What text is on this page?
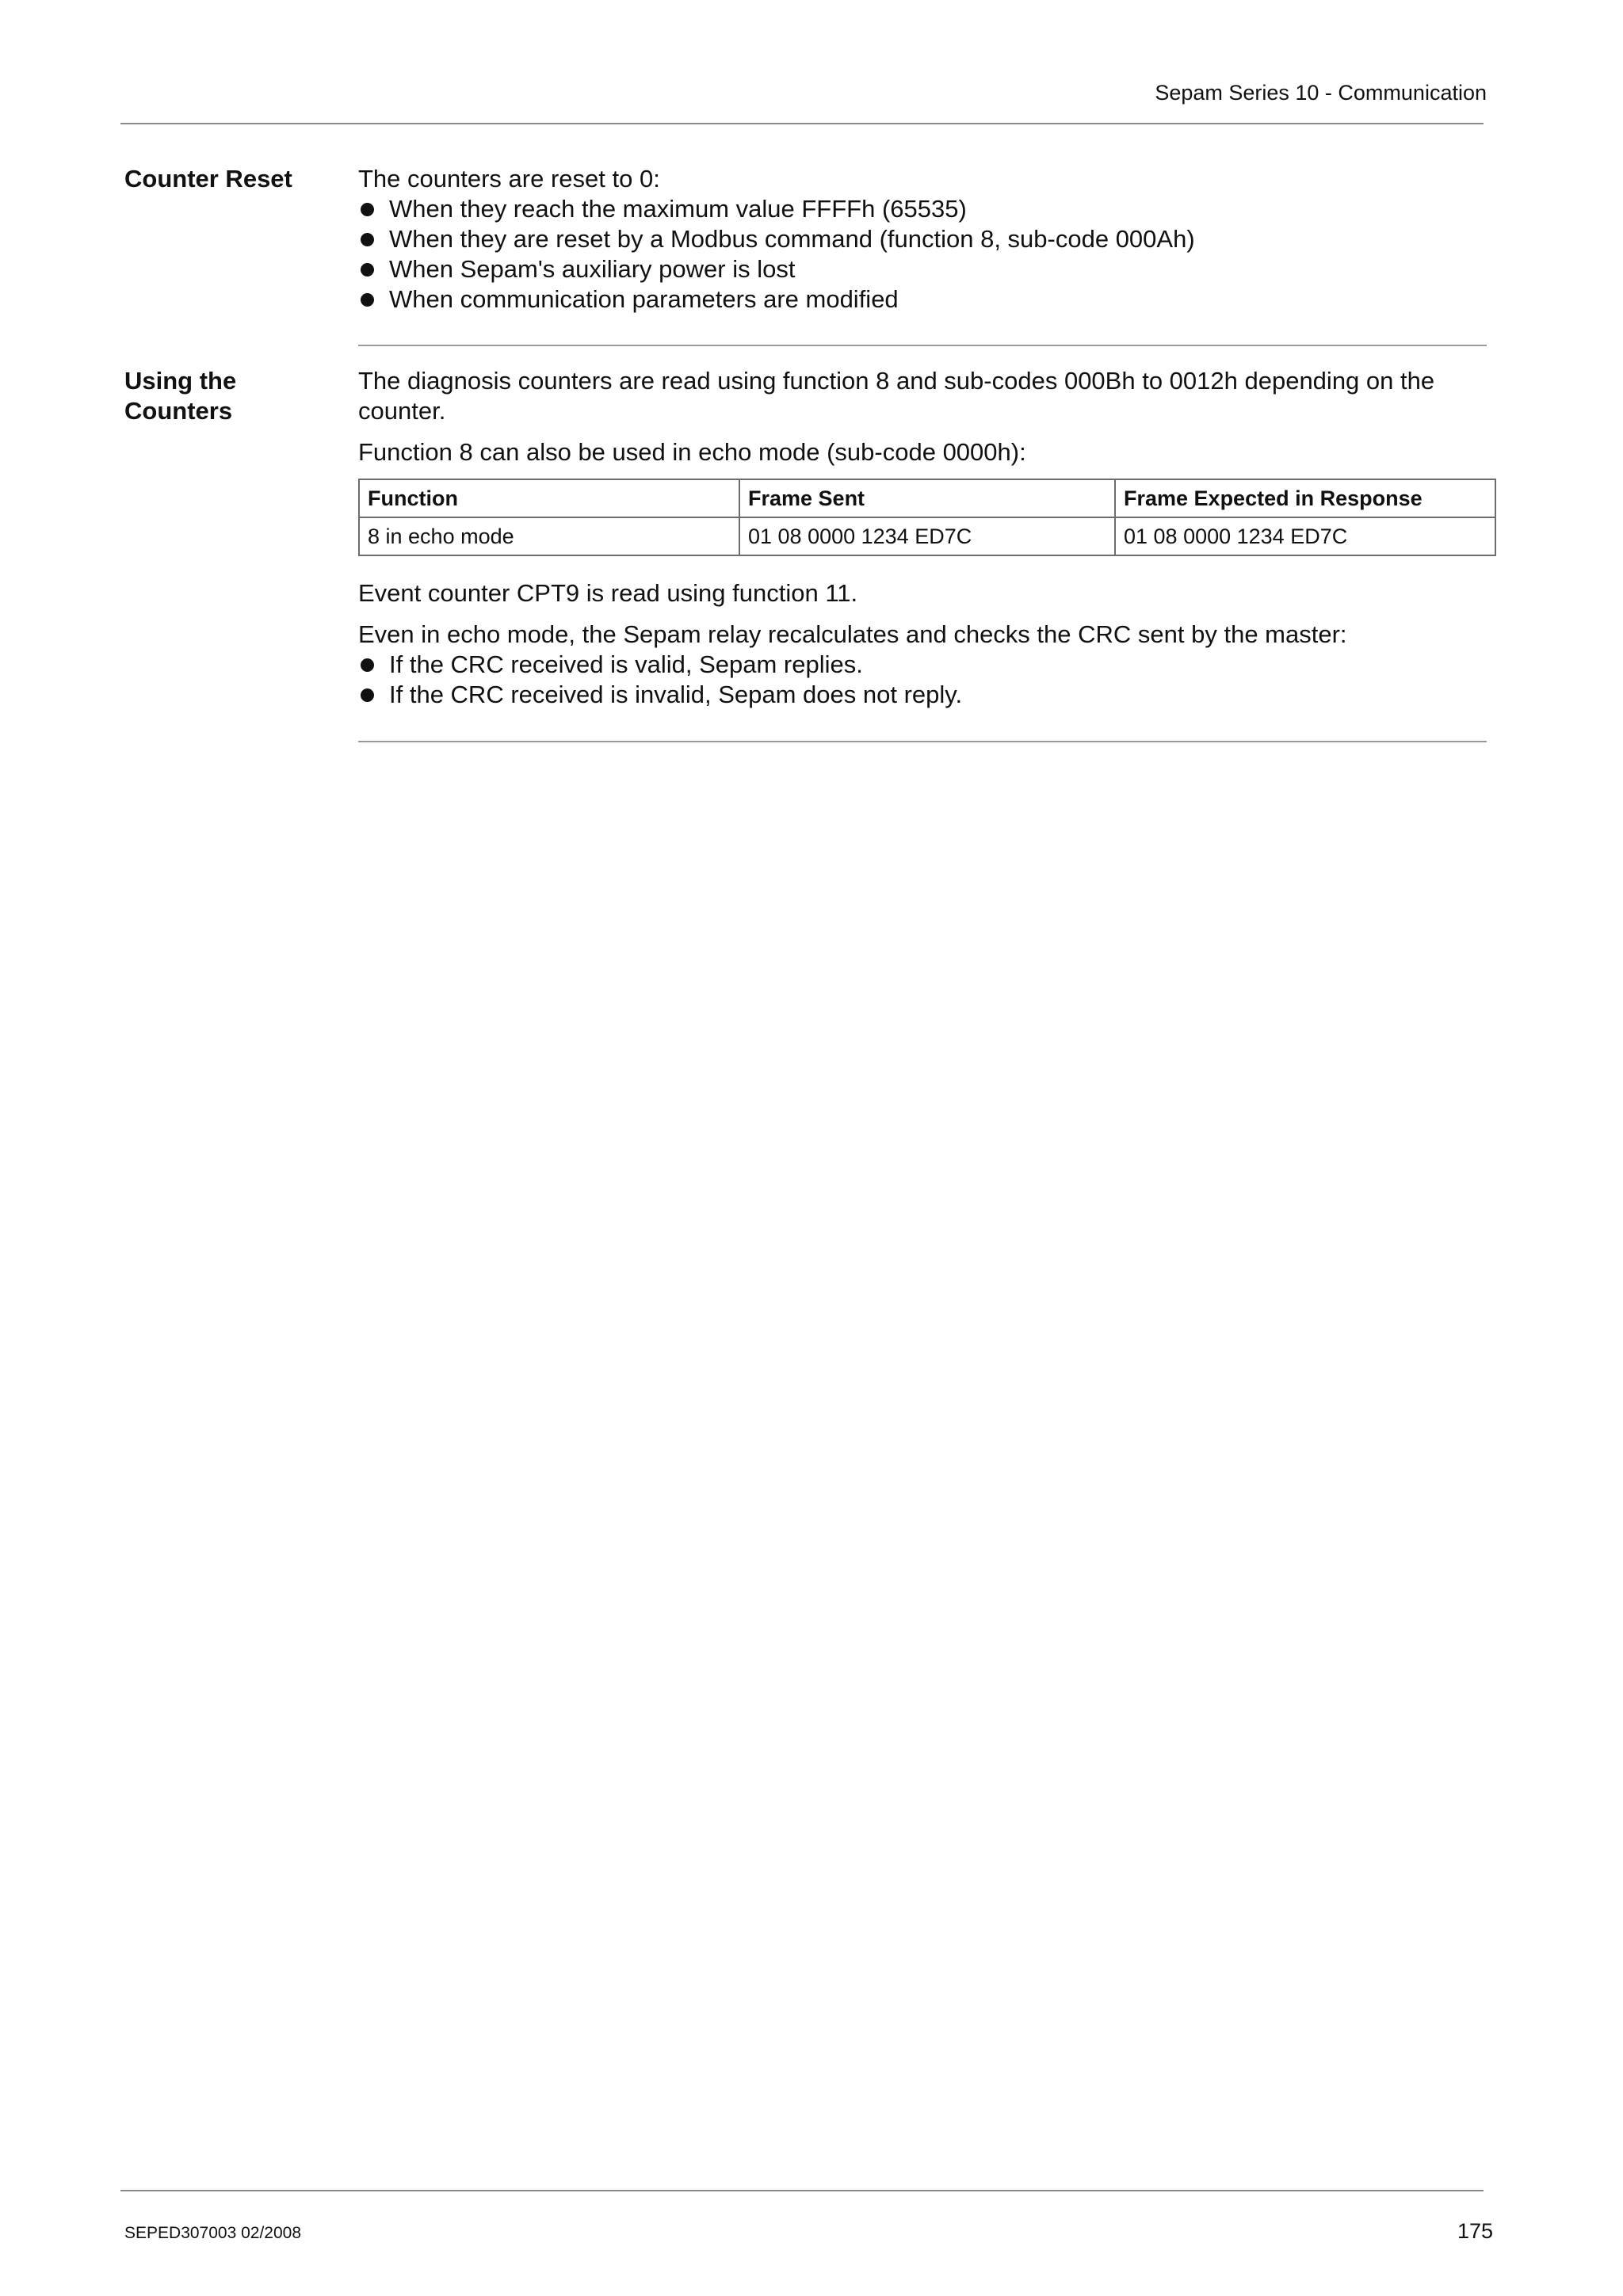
Sepam Series 10 - Communication
Counter Reset	The counters are reset to 0:

When they reach the maximum value FFFFh (65535)
When they are reset by a Modbus command (function 8, sub-code 000Ah)
When Sepam's auxiliary power is lost
When communication parameters are modified
Using the
Counters

The diagnosis counters are read using function 8 and sub-codes 000Bh to 0012h depending on the counter.

Function 8 can also be used in echo mode (sub-code 0000h):

Function	Frame Sent	Frame Expected in Response
8 in echo mode	01 08 0000 1234 ED7C	01 08 0000 1234 ED7C

Event counter CPT9 is read using function 11.

Even in echo mode, the Sepam relay recalculates and checks the CRC sent by the master:

If the CRC received is valid, Sepam replies.
If the CRC received is invalid, Sepam does not reply.
SEPED307003 02/2008	175
